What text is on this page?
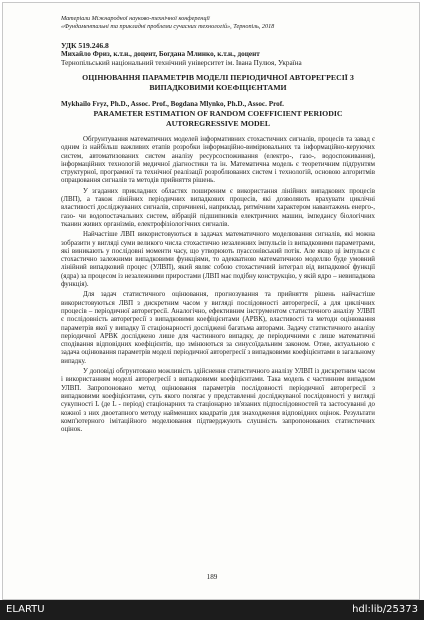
Матеріали Міжнародної науково-технічної конференції

«Фундаментальні та прикладні проблеми сучасних технологій», Тернопіль, 2018

УДК 519.246.8
Михайло Фриз, к.т.н., доцент, Богдана Млинко, к.т.н., доцент
Тернопільський національний технічний університет ім. Івана Пулюя, Україна
ОЦІНЮВАННЯ ПАРАМЕТРІВ МОДЕЛІ ПЕРІОДИЧНОЇ АВТОРЕГРЕСІЇ З ВИПАДКОВИМИ КОЕФІЦІЄНТАМИ
Mykhailo Fryz, Ph.D., Assoc. Prof., Bogdana Mlynko, Ph.D., Assoc. Prof.
PARAMETER ESTIMATION OF RANDOM COEFFICIENT PERIODIC AUTOREGRESSIVE MODEL

Обгрунтування математичних моделей інформативних стохастичних сигналів, процесів та завад є одним із найбільш важливих етапів розробки інформаційно-вимірювальних та інформаційно-керуючих систем, автоматизованих систем аналізу ресурсоспоживання (електро-, газо-, водоспоживання), інформаційних технологій медичної діагностики та ін. Математична модель є теоретичним підґрунтям структурної, програмної та технічної реалізації розроблюваних систем і технологій, основою алгоритмів опрацювання сигналів та методів прийняття рішень.

У згаданих прикладних областях поширеним є використання лінійних випадкових процесів (ЛВП), а також лінійних періодичних випадкових процесів, які дозволяють врахувати циклічні властивості досліджуваних сигналів, спричинені, наприклад, ритмічним характером навантажень енерго-, газо- чи водопостачальних систем, вібрацій підшипників електричних машин, імпедансу біологічних тканин живих організмів, електрофізіологічних сигналів.

Найчастіше ЛВП використовуються в задачах математичного моделювання сигналів, які можна зобразити у вигляді суми великого числа стохастично незалежних імпульсів із випадковими параметрами, які виникають у послідовні моменти часу, що утворюють пуассонівський потік. Але якщо ці імпульси є стохастично залежними випадковими функціями, то адекватною математичною моделлю буде умовний лінійний випадковий процес (УЛВП), який являє собою стохастичний інтеграл від випадкової функції (ядра) за процесом із незалежними приростами (ЛВП має подібну конструкцію, у якій ядро – невипадкова функція).

Для задач статистичного оцінювання, прогнозування та прийняття рішень найчастіше використовуються ЛВП з дискретним часом у вигляді послідовності авторегресії, а для циклічних процесів – періодичної авторегресії. Аналогічно, ефективним інструментом статистичного аналізу УЛВП є послідовність авторегресії з випадковими коефіцієнтами (АРВК), властивості та методи оцінювання параметрів якої у випадку її стаціонарності досліджені багатьма авторами. Задачу статистичного аналізу періодичної АРВК досліджено лише для частинного випадку, де періодичними є лише математичні сподівання відповідних коефіцієнтів, що змінюються за синусоїдальним законом. Отже, актуальною є задача оцінювання параметрів моделі періодичної авторегресії з випадковими коефіцієнтами в загальному випадку.

У доповіді обгрунтовано можливість здійснення статистичного аналізу УЛВП із дискретним часом і використанням моделі авторегресії з випадковими коефіцієнтами. Така модель є частинним випадком УЛВП. Запропоновано метод оцінювання параметрів послідовності періодичної авторегресії з випадковими коефіцієнтами, суть якого полягає у представленні досліджуваної послідовності у вигляді сукупності L (де L - період) стаціонарних та стаціонарно зв'язаних підпослідовностей та застосуванні до кожної з них двоетапного методу найменших квадратів для знаходження відповідних оцінок. Результати комп'ютерного імітаційного моделювання підтверджують слушність запропонованих статистичних оцінок.

189
ELARTU	hdl:lib/25373
